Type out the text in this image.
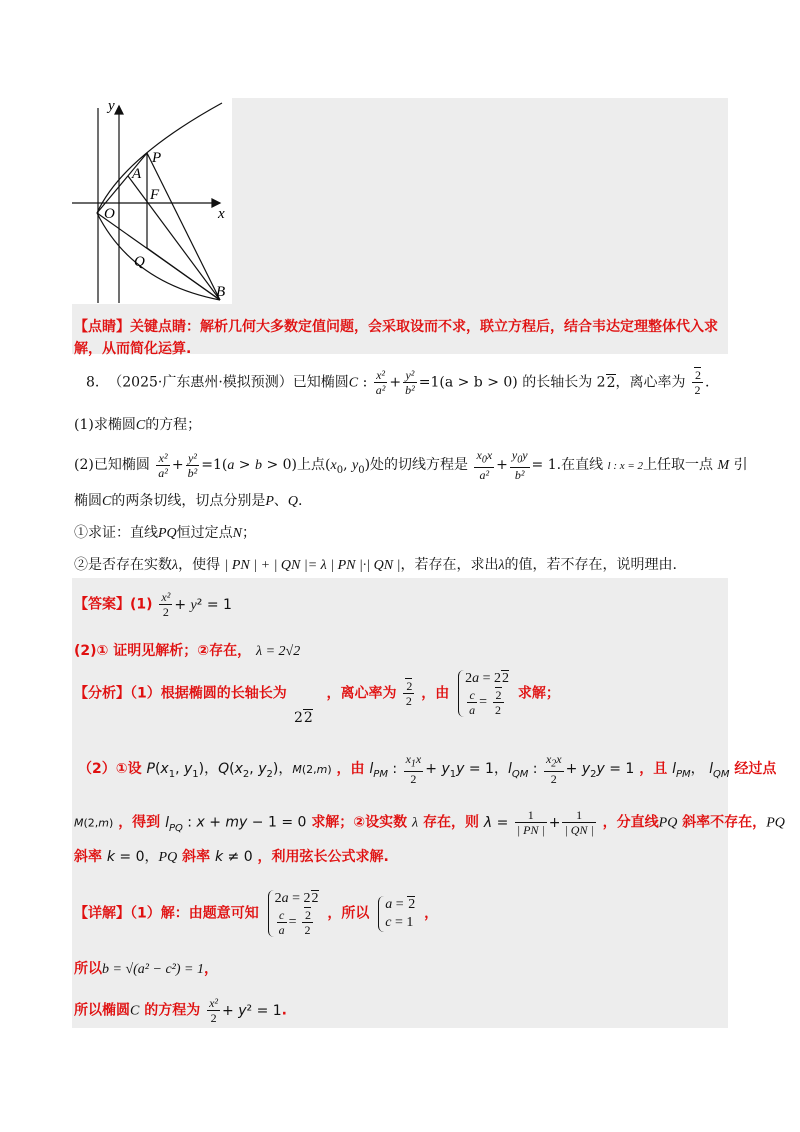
y
x
P
A
F
O
Q
B
【点睛】关键点睛：解析几何大多数定值问题，会采取设而不求，联立方程后，结合韦达定理整体代入求
解，从而简化运算.
8. （2025·广东惠州·模拟预测）已知椭圆C : $\frac{\text{x²}}{\text{a²}} + \frac{\text{y²}}{\text{b²}} =1(a > b > 0)$ 的长轴长为 22，离心率为 $\frac{2}{2}$ .
(1)求椭圆C的方程；
(2)已知椭圆 $\frac{\text{x²}}{\text{a²}} + \frac{\text{y²}}{\text{b²}} =1(a > b > 0)$上点($x_0$, $y_0$)处的切线方程是 $\frac{x_0x}{\text{a²}} + \frac{y_0y}{\text{b²}} = 1$.在直线 l : x = 2上任取一点 M 引
椭圆C的两条切线，切点分别是P、Q.
①求证：直线PQ恒过定点N；
②是否存在实数λ，使得 | PN | + | QN |= λ | PN |·| QN |，若存在，求出λ的值，若不存在，说明理由.
【答案】$(1) \frac{\text{x²}}{2} + y^2 = 1$
(2)① 证明见解析；②存在， λ = 2√2
【分析】（1）根据椭圆的长轴长为	，离心率为 $\frac{2}{2}$ ，由
2a = 22
$\frac{c}{a} = \frac{2}{2}$ 求解；
22
（2）①设 $P(x_1$, $y_1$)，$Q(x_2$, $y_2$)，M(2,m) ，由 $l_{PM}$ : $\frac{x_1x}{2} + y_1y = 1$，$l_{QM}$ : $\frac{x_2x}{2} + y_2y = 1$ ，且 $l_{PM}$， $l_{QM}$ 经过点
M(2,m) ，得到 $l_{PQ}$ : x + my − 1 = 0 求解；②设实数 λ 存在，则 $\lambda = \frac{1}{| PN |} + \frac{1}{| QN |}$ ，分直线PQ 斜率不存在，PQ
斜率 k = 0，PQ 斜率 k ≠ 0 ，利用弦长公式求解.
【详解】（1）解：由题意可知
2a = 22
$\frac{c}{a} = \frac{2}{2}$ ，所以
a = 2
c = 1
，
所以b = √(a² − c²) = 1，
所以椭圆C 的方程为 $\frac{\text{x²}}{2} + y^2 = 1$.
